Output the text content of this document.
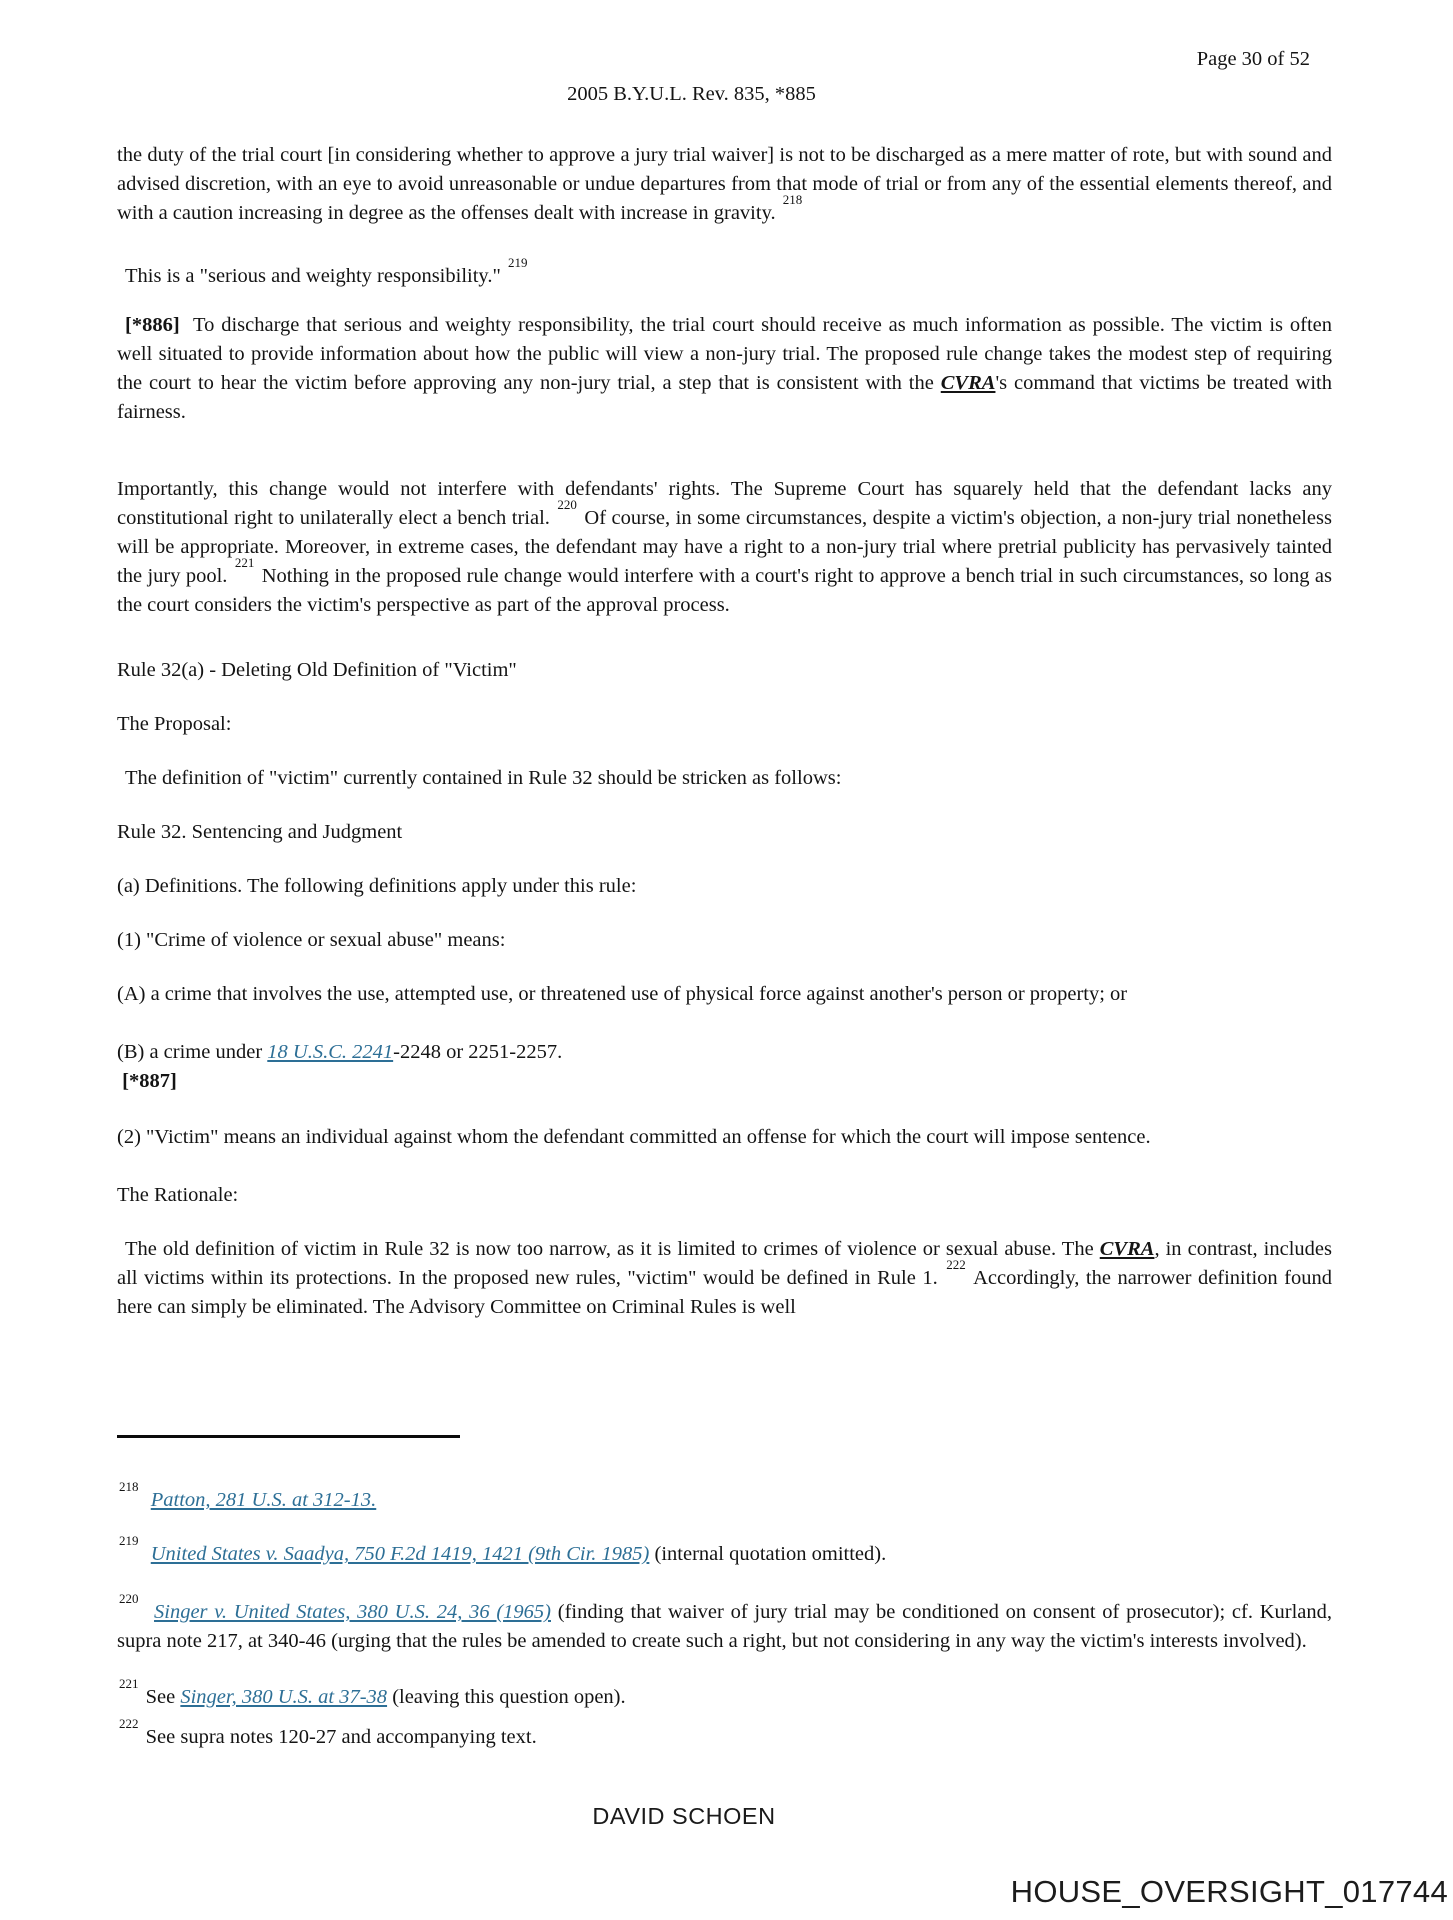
Page 30 of 52

2005 B.Y.U.L. Rev. 835, *885

the duty of the trial court [in considering whether to approve a jury trial waiver] is not to be discharged as a mere matter of rote, but with sound and advised discretion, with an eye to avoid unreasonable or undue departures from that mode of trial or from any of the essential elements thereof, and with a caution increasing in degree as the offenses dealt with increase in gravity. $^{218}$

This is a "serious and weighty responsibility." $^{219}$

[*886]  To discharge that serious and weighty responsibility, the trial court should receive as much information as possible. The victim is often well situated to provide information about how the public will view a non-jury trial. The proposed rule change takes the modest step of requiring the court to hear the victim before approving any non-jury trial, a step that is consistent with the CVRA's command that victims be treated with fairness.

Importantly, this change would not interfere with defendants' rights. The Supreme Court has squarely held that the defendant lacks any constitutional right to unilaterally elect a bench trial. $^{220}$ Of course, in some circumstances, despite a victim's objection, a non-jury trial nonetheless will be appropriate. Moreover, in extreme cases, the defendant may have a right to a non-jury trial where pretrial publicity has pervasively tainted the jury pool. $^{221}$ Nothing in the proposed rule change would interfere with a court's right to approve a bench trial in such circumstances, so long as the court considers the victim's perspective as part of the approval process.

Rule 32(a) - Deleting Old Definition of "Victim"

The Proposal:

The definition of "victim" currently contained in Rule 32 should be stricken as follows:

Rule 32. Sentencing and Judgment

(a) Definitions. The following definitions apply under this rule:

(1) "Crime of violence or sexual abuse" means:

(A) a crime that involves the use, attempted use, or threatened use of physical force against another's person or property; or

(B) a crime under 18 U.S.C. 2241-2248 or 2251-2257.
[*887]

(2) "Victim" means an individual against whom the defendant committed an offense for which the court will impose sentence.

The Rationale:

The old definition of victim in Rule 32 is now too narrow, as it is limited to crimes of violence or sexual abuse. The CVRA, in contrast, includes all victims within its protections. In the proposed new rules, "victim" would be defined in Rule 1. $^{222}$ Accordingly, the narrower definition found here can simply be eliminated. The Advisory Committee on Criminal Rules is well

$^{218}$  Patton, 281 U.S. at 312-13.

$^{219}$  United States v. Saadya, 750 F.2d 1419, 1421 (9th Cir. 1985) (internal quotation omitted).

$^{220}$  Singer v. United States, 380 U.S. 24, 36 (1965) (finding that waiver of jury trial may be conditioned on consent of prosecutor); cf. Kurland, supra note 217, at 340-46 (urging that the rules be amended to create such a right, but not considering in any way the victim's interests involved).

$^{221}$ See Singer, 380 U.S. at 37-38 (leaving this question open).

$^{222}$ See supra notes 120-27 and accompanying text.

DAVID SCHOEN
HOUSE_OVERSIGHT_017744
